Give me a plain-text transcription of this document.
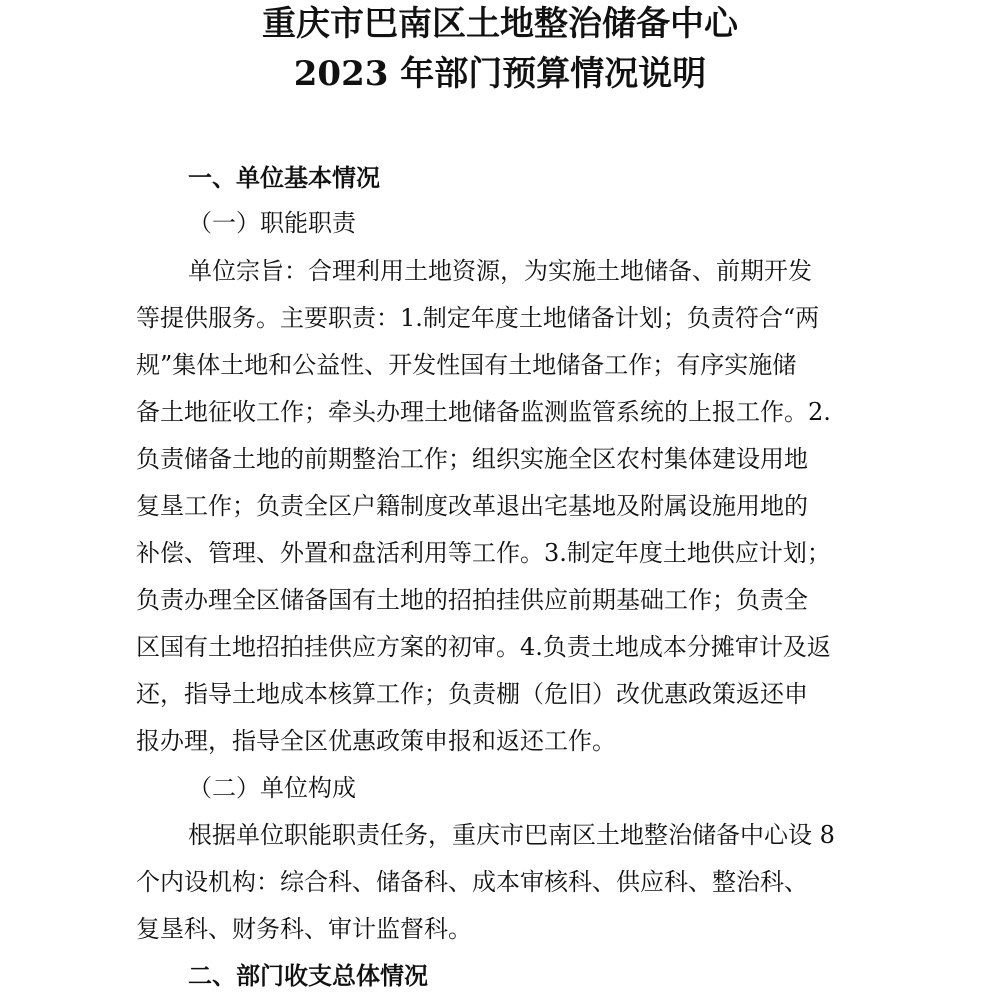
重庆市巴南区土地整治储备中心
2023 年部门预算情况说明
一、单位基本情况
（一）职能职责
单位宗旨：合理利用土地资源，为实施土地储备、前期开发
等提供服务。主要职责：1.制定年度土地储备计划；负责符合“两
规”集体土地和公益性、开发性国有土地储备工作；有序实施储
备土地征收工作；牵头办理土地储备监测监管系统的上报工作。2.
负责储备土地的前期整治工作；组织实施全区农村集体建设用地
复垦工作；负责全区户籍制度改革退出宅基地及附属设施用地的
补偿、管理、外置和盘活利用等工作。3.制定年度土地供应计划；
负责办理全区储备国有土地的招拍挂供应前期基础工作；负责全
区国有土地招拍挂供应方案的初审。4.负责土地成本分摊审计及返
还，指导土地成本核算工作；负责棚（危旧）改优惠政策返还申
报办理，指导全区优惠政策申报和返还工作。
（二）单位构成
根据单位职能职责任务，重庆市巴南区土地整治储备中心设 8
个内设机构：综合科、储备科、成本审核科、供应科、整治科、
复垦科、财务科、审计监督科。
二、部门收支总体情况
